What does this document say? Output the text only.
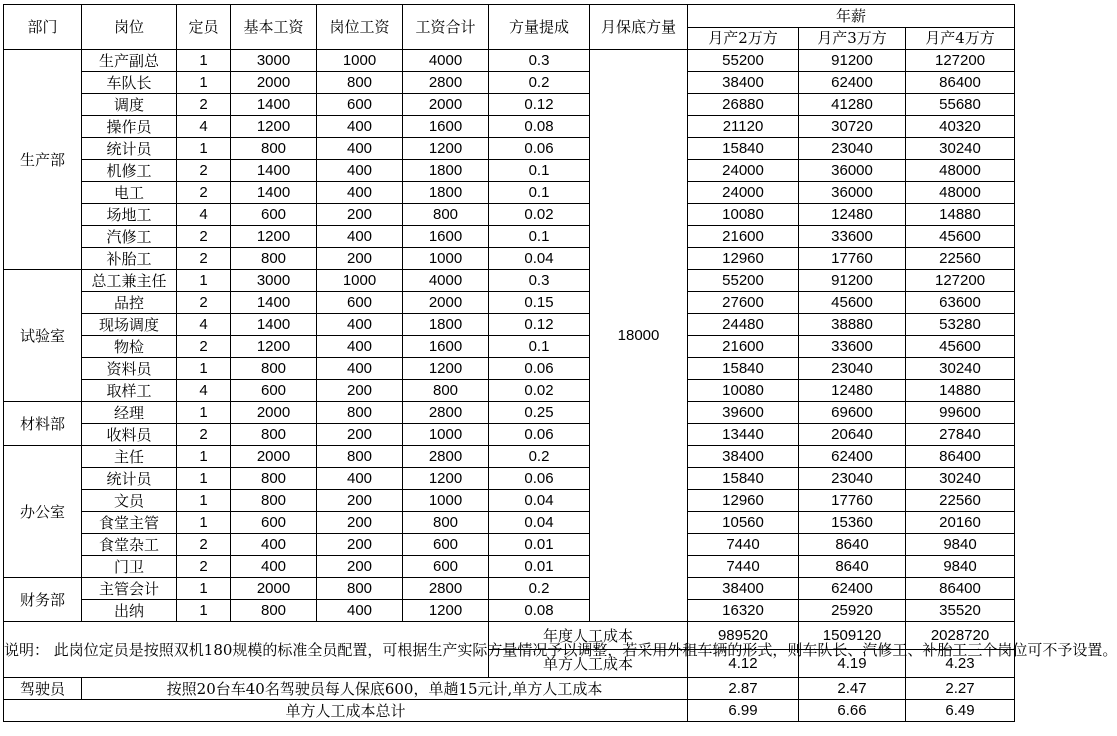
部门	岗位	定员	基本工资	岗位工资	工资合计	方量提成	月保底方量	年薪		
								月产2万方	月产3万方	月产4万方
生产部	生产副总	1	3000	1000	4000	0.3	18000	55200	91200	127200
	车队长	1	2000	800	2800	0.2		38400	62400	86400
	调度	2	1400	600	2000	0.12		26880	41280	55680
	操作员	4	1200	400	1600	0.08		21120	30720	40320
	统计员	1	800	400	1200	0.06		15840	23040	30240
	机修工	2	1400	400	1800	0.1		24000	36000	48000
	电工	2	1400	400	1800	0.1		24000	36000	48000
	场地工	4	600	200	800	0.02		10080	12480	14880
	汽修工	2	1200	400	1600	0.1		21600	33600	45600
	补胎工	2	800	200	1000	0.04		12960	17760	22560
试验室	总工兼主任	1	3000	1000	4000	0.3		55200	91200	127200
	品控	2	1400	600	2000	0.15		27600	45600	63600
	现场调度	4	1400	400	1800	0.12		24480	38880	53280
	物检	2	1200	400	1600	0.1		21600	33600	45600
	资料员	1	800	400	1200	0.06		15840	23040	30240
	取样工	4	600	200	800	0.02		10080	12480	14880
材料部	经理	1	2000	800	2800	0.25		39600	69600	99600
	收料员	2	800	200	1000	0.06		13440	20640	27840
办公室	主任	1	2000	800	2800	0.2		38400	62400	86400
	统计员	1	800	400	1200	0.06		15840	23040	30240
	文员	1	800	200	1000	0.04		12960	17760	22560
	食堂主管	1	600	200	800	0.04		10560	15360	20160
	食堂杂工	2	400	200	600	0.01		7440	8640	9840
	门卫	2	400	200	600	0.01		7440	8640	9840
财务部	主管会计	1	2000	800	2800	0.2		38400	62400	86400
	出纳	1	800	400	1200	0.08		16320	25920	35520
说明： 此岗位定员是按照双机180规模的标准全员配置，可根据生产实际方量情况予以调整，若采用外租车辆的形式，则车队长、汽修工、补胎工三个岗位可不予设置。						年度人工成本		989520	1509120	2028720
						单方人工成本		4.12	4.19	4.23
驾驶员	按照20台车40名驾驶员每人保底600，单趟15元计,单方人工成本							2.87	2.47	2.27
单方人工成本总计								6.99	6.66	6.49
